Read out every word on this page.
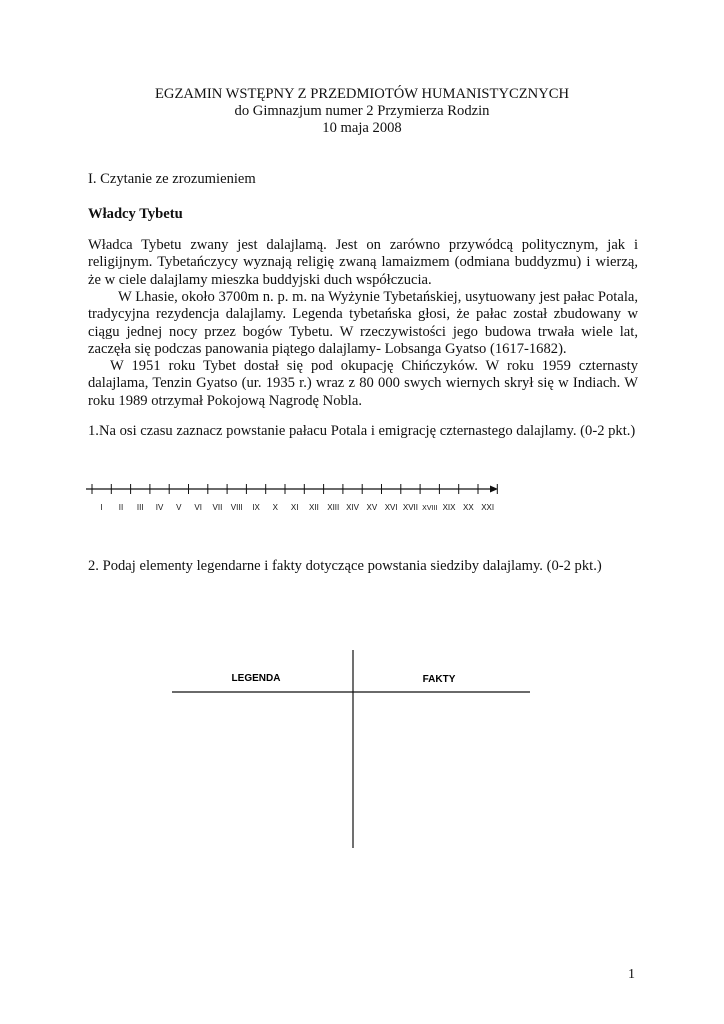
EGZAMIN WSTĘPNY Z PRZEDMIOTÓW HUMANISTYCZNYCH
do Gimnazjum numer 2 Przymierza Rodzin
10 maja 2008
I. Czytanie ze zrozumieniem
Władcy Tybetu
Władca Tybetu zwany jest dalajlamą. Jest on zarówno przywódcą politycznym, jak i religijnym. Tybetańczycy wyznają religię zwaną lamaizmem (odmiana buddyzmu) i wierzą, że w ciele dalajlamy mieszka buddyjski duch współczucia.
W Lhasie, około 3700m n. p. m. na Wyżynie Tybetańskiej, usytuowany jest pałac Potala, tradycyjna rezydencja dalajlamy. Legenda tybetańska głosi, że pałac został zbudowany w ciągu jednej nocy przez bogów Tybetu. W rzeczywistości jego budowa trwała wiele lat, zaczęła się podczas panowania piątego dalajlamy- Lobsanga Gyatso (1617-1682).
W 1951 roku Tybet dostał się pod okupację Chińczyków. W roku 1959 czternasty dalajlama, Tenzin Gyatso (ur. 1935 r.) wraz z 80 000 swych wiernych skrył się w Indiach. W roku 1989 otrzymał Pokojową Nagrodę Nobla.
1.Na osi czasu zaznacz powstanie pałacu Potala i emigrację czternastego dalajlamy. (0-2 pkt.)
I II III IV V VI VII VIII IX X XI XII XIII XIV XV XVI XVII XVIII XIX XX XXI
2. Podaj elementy legendarne i fakty dotyczące powstania siedziby dalajlamy. (0-2 pkt.)
LEGENDA	FAKTY
1
